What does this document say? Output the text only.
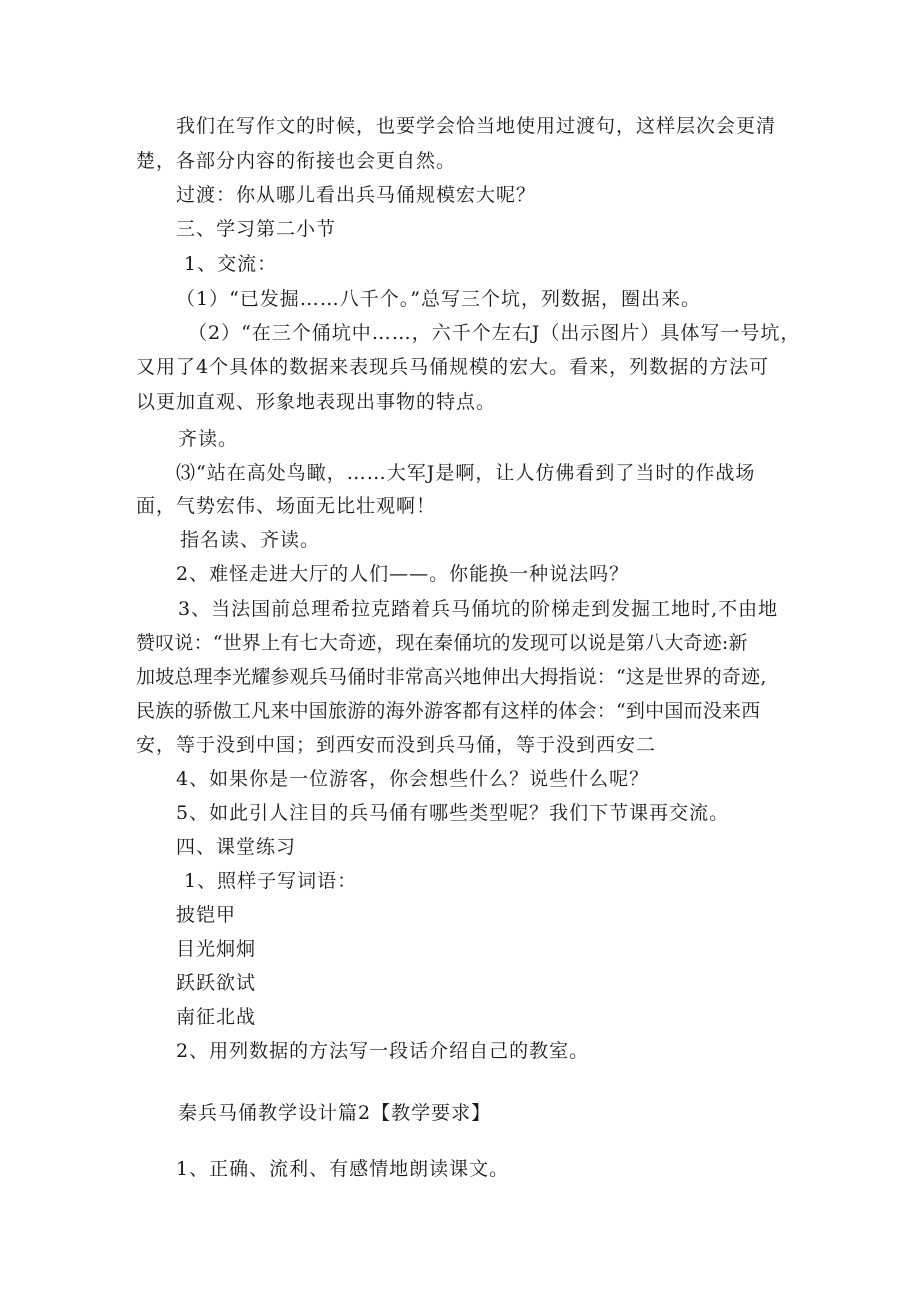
我们在写作文的时候，也要学会恰当地使用过渡句，这样层次会更清
楚，各部分内容的衔接也会更自然。
过渡：你从哪儿看出兵马俑规模宏大呢？
三、学习第二小节
1、交流：
（1）“已发掘……八千个。”总写三个坑，列数据，圈出来。
（2）“在三个俑坑中……，六千个左右J（出示图片）具体写一号坑，
又用了4个具体的数据来表现兵马俑规模的宏大。看来，列数据的方法可
以更加直观、形象地表现出事物的特点。
齐读。
⑶“站在高处鸟瞰，……大军J是啊，让人仿佛看到了当时的作战场
面，气势宏伟、场面无比壮观啊！
指名读、齐读。
2、难怪走进大厅的人们——。你能换一种说法吗？
3、当法国前总理希拉克踏着兵马俑坑的阶梯走到发掘工地时,不由地
赞叹说：“世界上有七大奇迹，现在秦俑坑的发现可以说是第八大奇迹:新
加坡总理李光耀参观兵马俑时非常高兴地伸出大拇指说：“这是世界的奇迹,
民族的骄傲工凡来中国旅游的海外游客都有这样的体会：“到中国而没来西
安，等于没到中国；到西安而没到兵马俑，等于没到西安二
4、如果你是一位游客，你会想些什么？说些什么呢？
5、如此引人注目的兵马俑有哪些类型呢？我们下节课再交流。
四、课堂练习
1、照样子写词语：
披铠甲
目光炯炯
跃跃欲试
南征北战
2、用列数据的方法写一段话介绍自己的教室。
秦兵马俑教学设计篇2【教学要求】
1、正确、流利、有感情地朗读课文。
